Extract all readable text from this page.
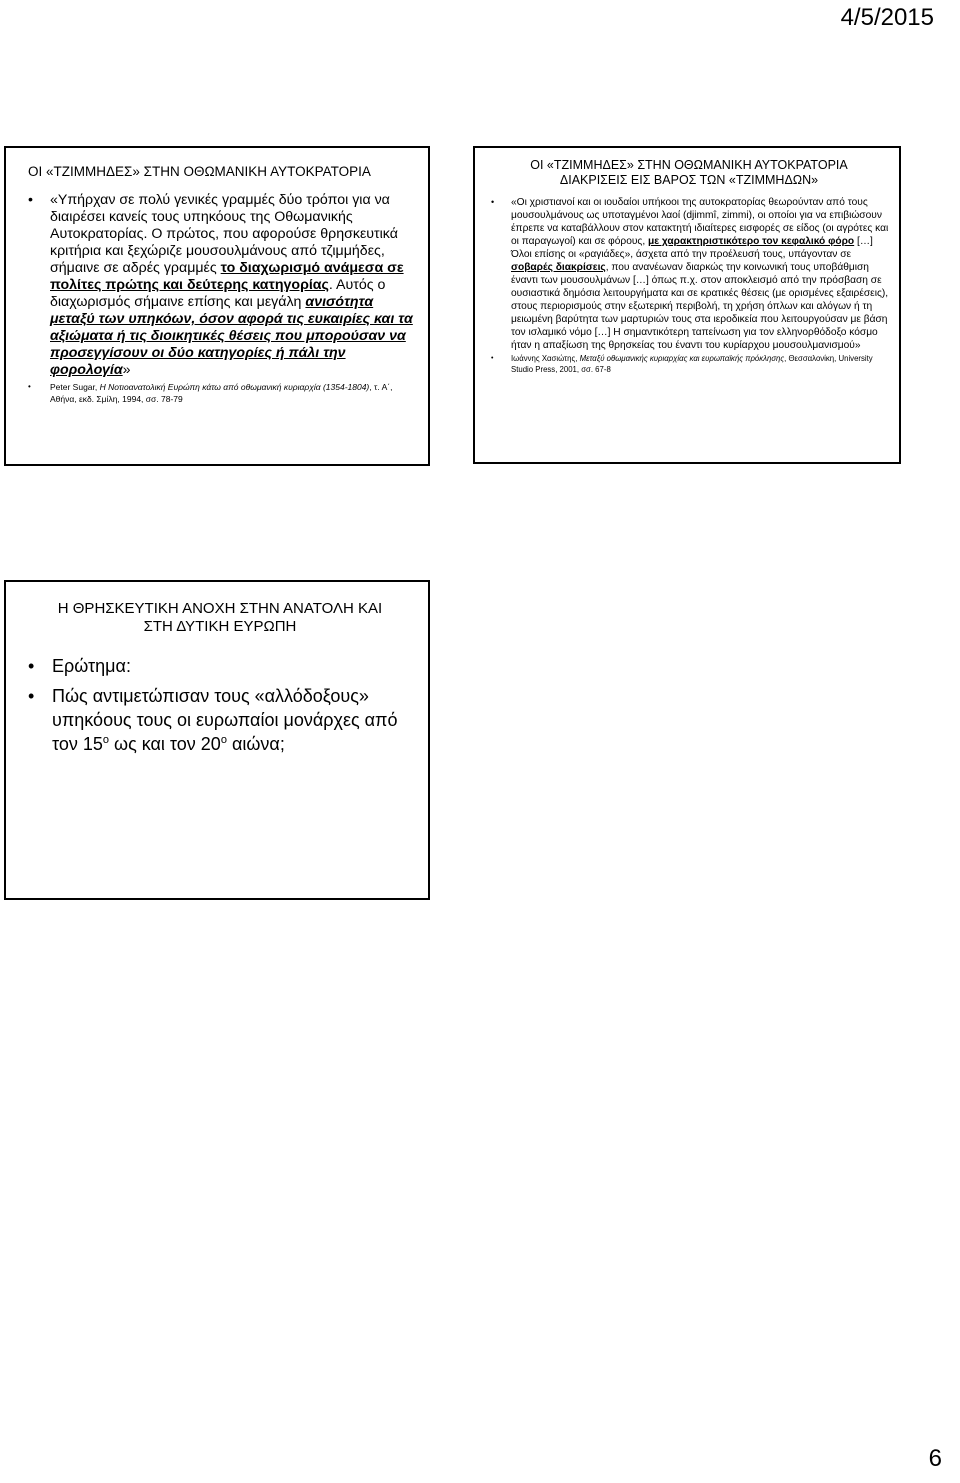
4/5/2015
ΟΙ «ΤΖΙΜΜΗΔΕΣ» ΣΤΗΝ ΟΘΩΜΑΝΙΚΗ ΑΥΤΟΚΡΑΤΟΡΙΑ
• «Υπήρχαν σε πολύ γενικές γραμμές δύο τρόποι για να διαιρέσει κανείς τους υπηκόους της Οθωμανικής Αυτοκρατορίας. Ο πρώτος, που αφορούσε θρησκευτικά κριτήρια και ξεχώριζε μουσουλμάνους από τζιμμήδες, σήμαινε σε αδρές γραμμές το διαχωρισμό ανάμεσα σε πολίτες πρώτης και δεύτερης κατηγορίας. Αυτός ο διαχωρισμός σήμαινε επίσης και μεγάλη ανισότητα μεταξύ των υπηκόων, όσον αφορά τις ευκαιρίες και τα αξιώματα ή τις διοικητικές θέσεις που μπορούσαν να προσεγγίσουν οι δύο κατηγορίες ή πάλι την φορολογία»
• Peter Sugar, Η Νοτιοανατολική Ευρώπη κάτω από οθωμανική κυριαρχία (1354-1804), τ. Α΄, Αθήνα, εκδ. Σμίλη, 1994, σσ. 78-79
ΟΙ «ΤΖΙΜΜΗΔΕΣ» ΣΤΗΝ ΟΘΩΜΑΝΙΚΗ ΑΥΤΟΚΡΑΤΟΡΙΑ
ΔΙΑΚΡΙΣΕΙΣ ΕΙΣ ΒΑΡΟΣ ΤΩΝ «ΤΖΙΜΜΗΔΩΝ»
• «Οι χριστιανοί και οι ιουδαίοι υπήκοοι της αυτοκρατορίας θεωρούνταν από τους μουσουλμάνους ως υποταγμένοι λαοί (djimmî, zimmi), οι οποίοι για να επιβιώσουν έπρεπε να καταβάλλουν στον κατακτητή ιδιαίτερες εισφορές σε είδος (οι αγρότες και οι παραγωγοί) και σε φόρους, με χαρακτηριστικότερο τον κεφαλικό φόρο […] Όλοι επίσης οι «ραγιάδες», άσχετα από την προέλευσή τους, υπάγονταν σε σοβαρές διακρίσεις, που ανανέωναν διαρκώς την κοινωνική τους υποβάθμιση έναντι των μουσουλμάνων […] όπως π.χ. στον αποκλεισμό από την πρόσβαση σε ουσιαστικά δημόσια λειτουργήματα και σε κρατικές θέσεις (με ορισμένες εξαιρέσεις), στους περιορισμούς στην εξωτερική περιβολή, τη χρήση όπλων και αλόγων ή τη μειωμένη βαρύτητα των μαρτυριών τους στα ιεροδικεία που λειτουργούσαν με βάση τον ισλαμικό νόμο […] Η σημαντικότερη ταπείνωση για τον ελληνορθόδοξο κόσμο ήταν η απαξίωση της θρησκείας του έναντι του κυρίαρχου μουσουλμανισμού»
• Ιωάννης Χασιώτης, Μεταξύ οθωμανικής κυριαρχίας και ευρωπαϊκής πρόκλησης, Θεσσαλονίκη, University Studio Press, 2001, σσ. 67-8
Η ΘΡΗΣΚΕΥΤΙΚΗ ΑΝΟΧΗ ΣΤΗΝ ΑΝΑΤΟΛΗ ΚΑΙ
ΣΤΗ ΔΥΤΙΚΗ ΕΥΡΩΠΗ
• Ερώτημα:
• Πώς αντιμετώπισαν τους «αλλόδοξους» υπηκόους τους οι ευρωπαίοι μονάρχες από τον $15^o$ ως και τον $20^o$ αιώνα;
6
